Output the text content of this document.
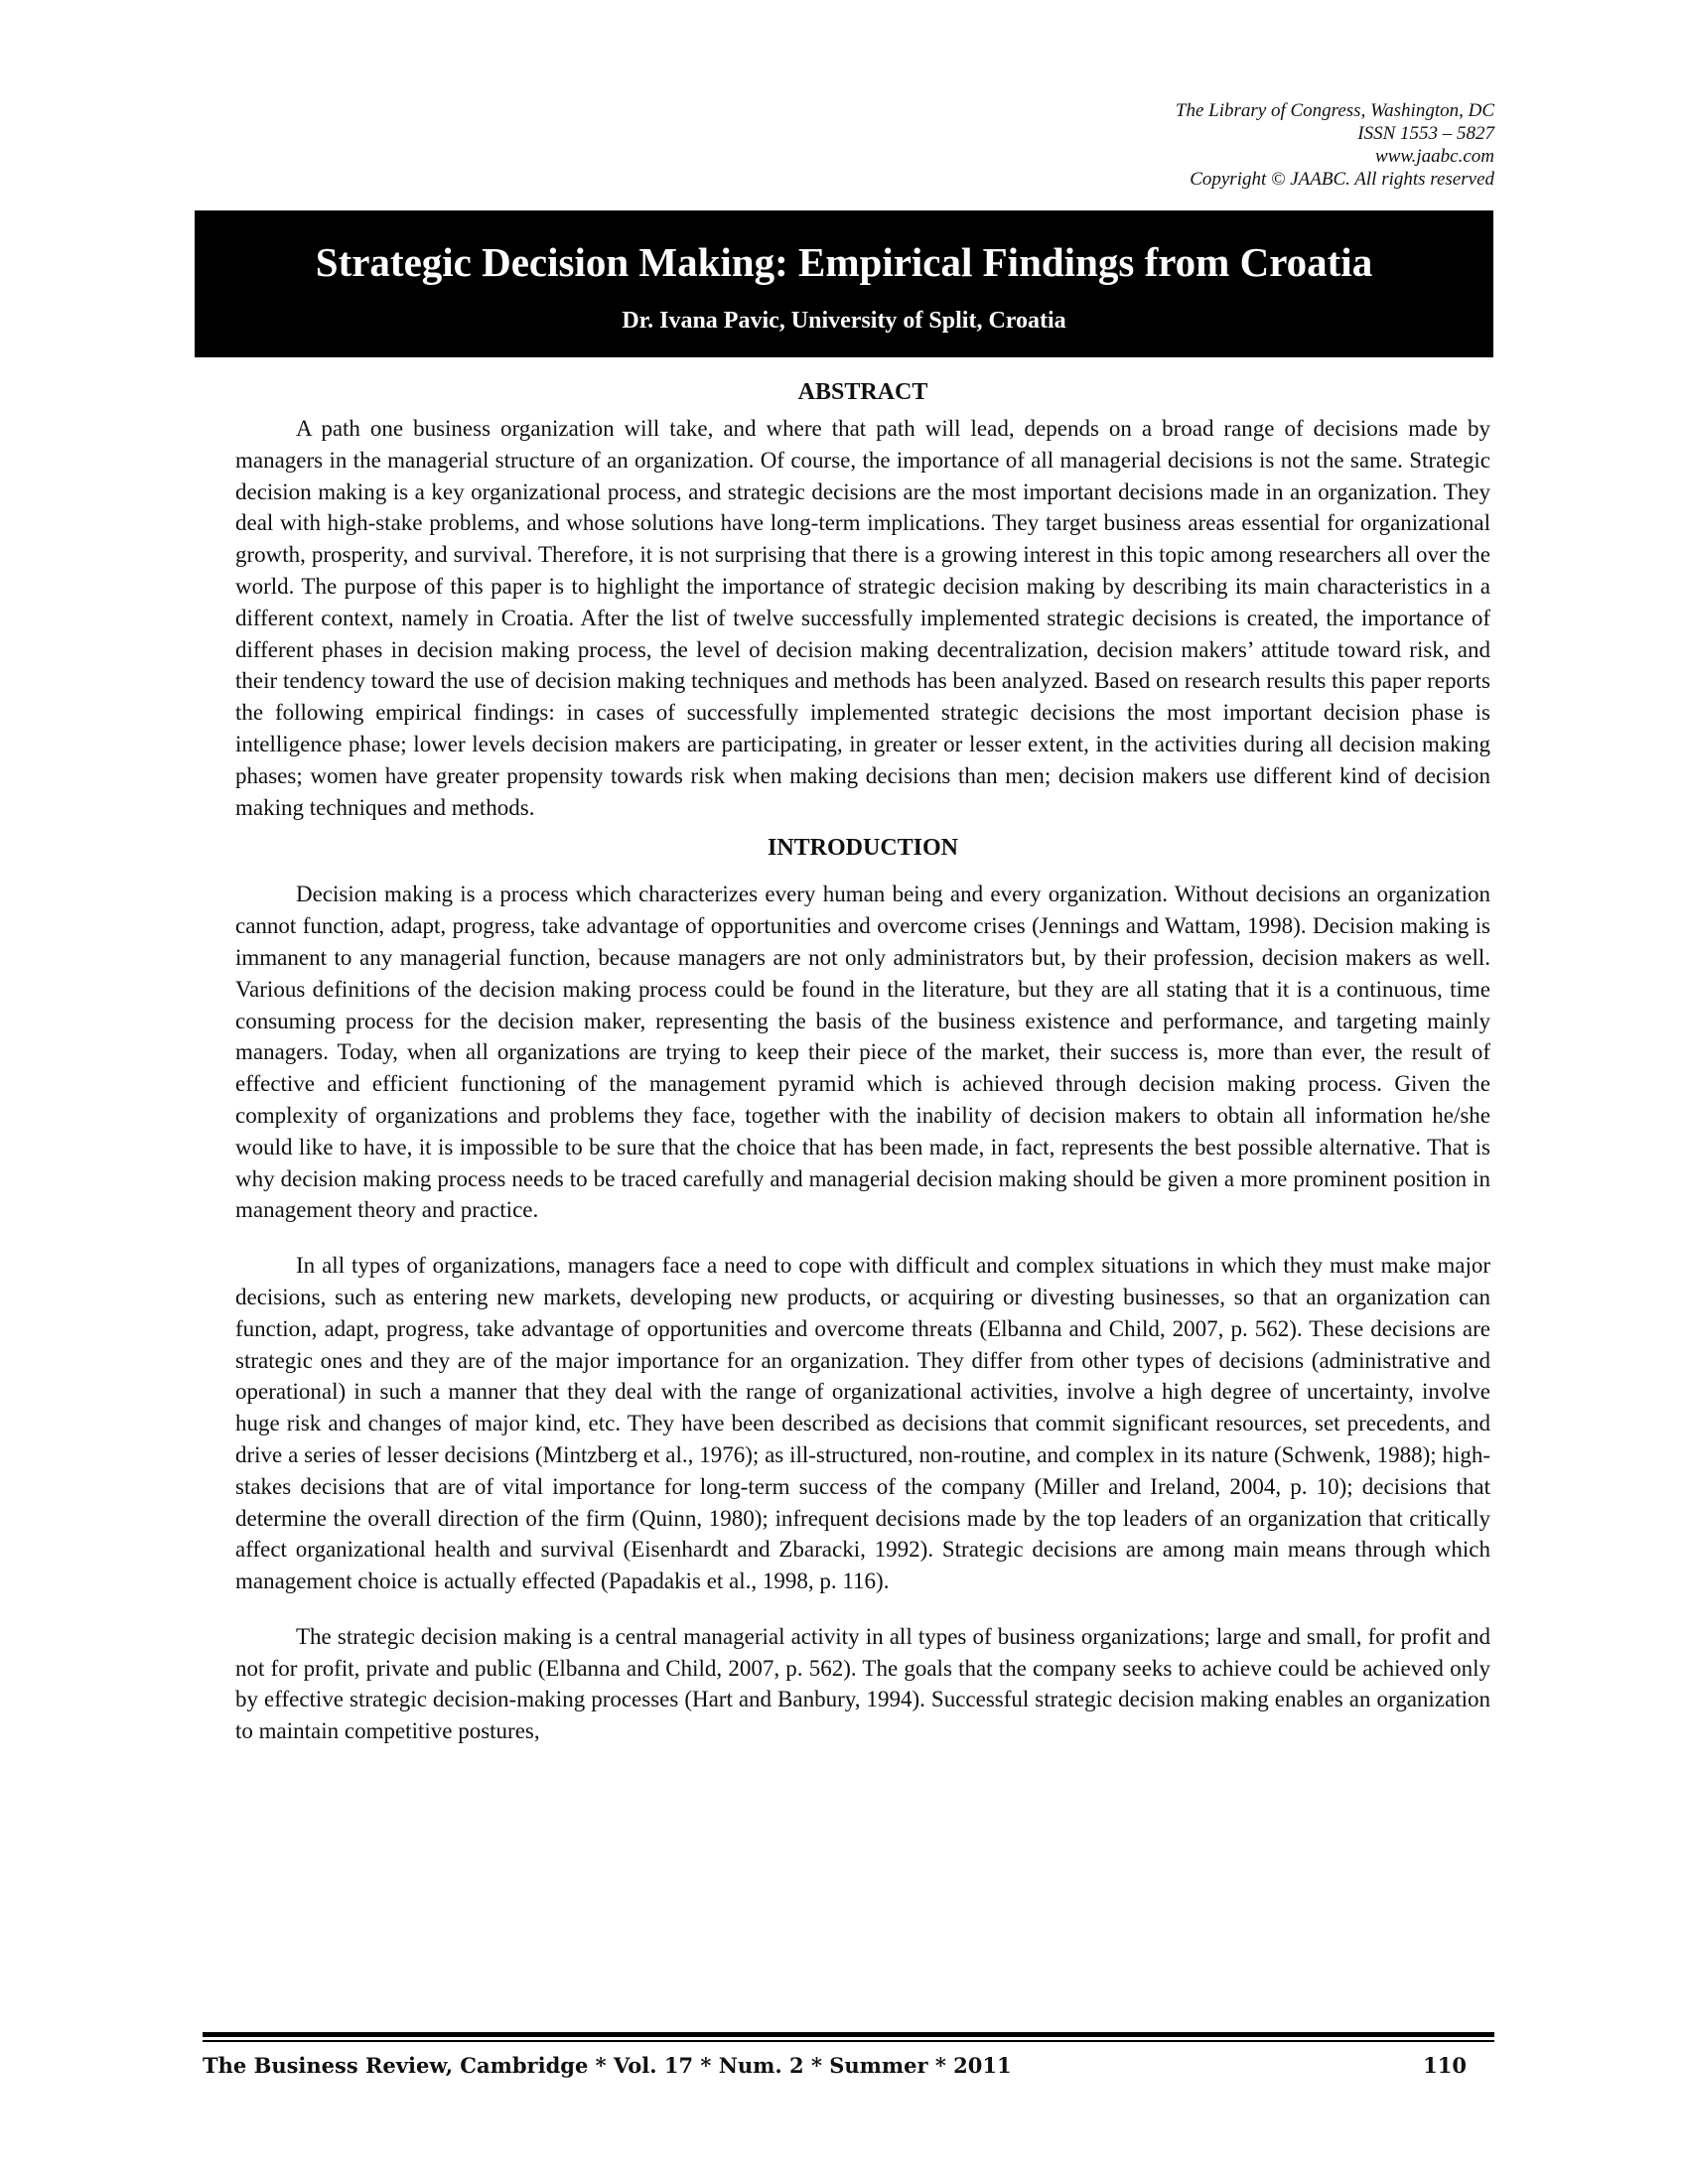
The Library of Congress, Washington, DC
ISSN 1553 – 5827
www.jaabc.com
Copyright © JAABC. All rights reserved
Strategic Decision Making: Empirical Findings from Croatia
Dr. Ivana Pavic, University of Split, Croatia
ABSTRACT

A path one business organization will take, and where that path will lead, depends on a broad range of decisions made by managers in the managerial structure of an organization. Of course, the importance of all managerial decisions is not the same. Strategic decision making is a key organizational process, and strategic decisions are the most important decisions made in an organization. They deal with high-stake problems, and whose solutions have long-term implications. They target business areas essential for organizational growth, prosperity, and survival. Therefore, it is not surprising that there is a growing interest in this topic among researchers all over the world. The purpose of this paper is to highlight the importance of strategic decision making by describing its main characteristics in a different context, namely in Croatia. After the list of twelve successfully implemented strategic decisions is created, the importance of different phases in decision making process, the level of decision making decentralization, decision makers’ attitude toward risk, and their tendency toward the use of decision making techniques and methods has been analyzed. Based on research results this paper reports the following empirical findings: in cases of successfully implemented strategic decisions the most important decision phase is intelligence phase; lower levels decision makers are participating, in greater or lesser extent, in the activities during all decision making phases; women have greater propensity towards risk when making decisions than men; decision makers use different kind of decision making techniques and methods.

INTRODUCTION

Decision making is a process which characterizes every human being and every organization. Without decisions an organization cannot function, adapt, progress, take advantage of opportunities and overcome crises (Jennings and Wattam, 1998). Decision making is immanent to any managerial function, because managers are not only administrators but, by their profession, decision makers as well. Various definitions of the decision making process could be found in the literature, but they are all stating that it is a continuous, time consuming process for the decision maker, representing the basis of the business existence and performance, and targeting mainly managers. Today, when all organizations are trying to keep their piece of the market, their success is, more than ever, the result of effective and efficient functioning of the management pyramid which is achieved through decision making process. Given the complexity of organizations and problems they face, together with the inability of decision makers to obtain all information he/she would like to have, it is impossible to be sure that the choice that has been made, in fact, represents the best possible alternative. That is why decision making process needs to be traced carefully and managerial decision making should be given a more prominent position in management theory and practice.

In all types of organizations, managers face a need to cope with difficult and complex situations in which they must make major decisions, such as entering new markets, developing new products, or acquiring or divesting businesses, so that an organization can function, adapt, progress, take advantage of opportunities and overcome threats (Elbanna and Child, 2007, p. 562). These decisions are strategic ones and they are of the major importance for an organization. They differ from other types of decisions (administrative and operational) in such a manner that they deal with the range of organizational activities, involve a high degree of uncertainty, involve huge risk and changes of major kind, etc. They have been described as decisions that commit significant resources, set precedents, and drive a series of lesser decisions (Mintzberg et al., 1976); as ill-structured, non-routine, and complex in its nature (Schwenk, 1988); high-stakes decisions that are of vital importance for long-term success of the company (Miller and Ireland, 2004, p. 10); decisions that determine the overall direction of the firm (Quinn, 1980); infrequent decisions made by the top leaders of an organization that critically affect organizational health and survival (Eisenhardt and Zbaracki, 1992). Strategic decisions are among main means through which management choice is actually effected (Papadakis et al., 1998, p. 116).

The strategic decision making is a central managerial activity in all types of business organizations; large and small, for profit and not for profit, private and public (Elbanna and Child, 2007, p. 562). The goals that the company seeks to achieve could be achieved only by effective strategic decision-making processes (Hart and Banbury, 1994). Successful strategic decision making enables an organization to maintain competitive postures,

The Business Review, Cambridge * Vol. 17 * Num. 2 * Summer * 2011	110
